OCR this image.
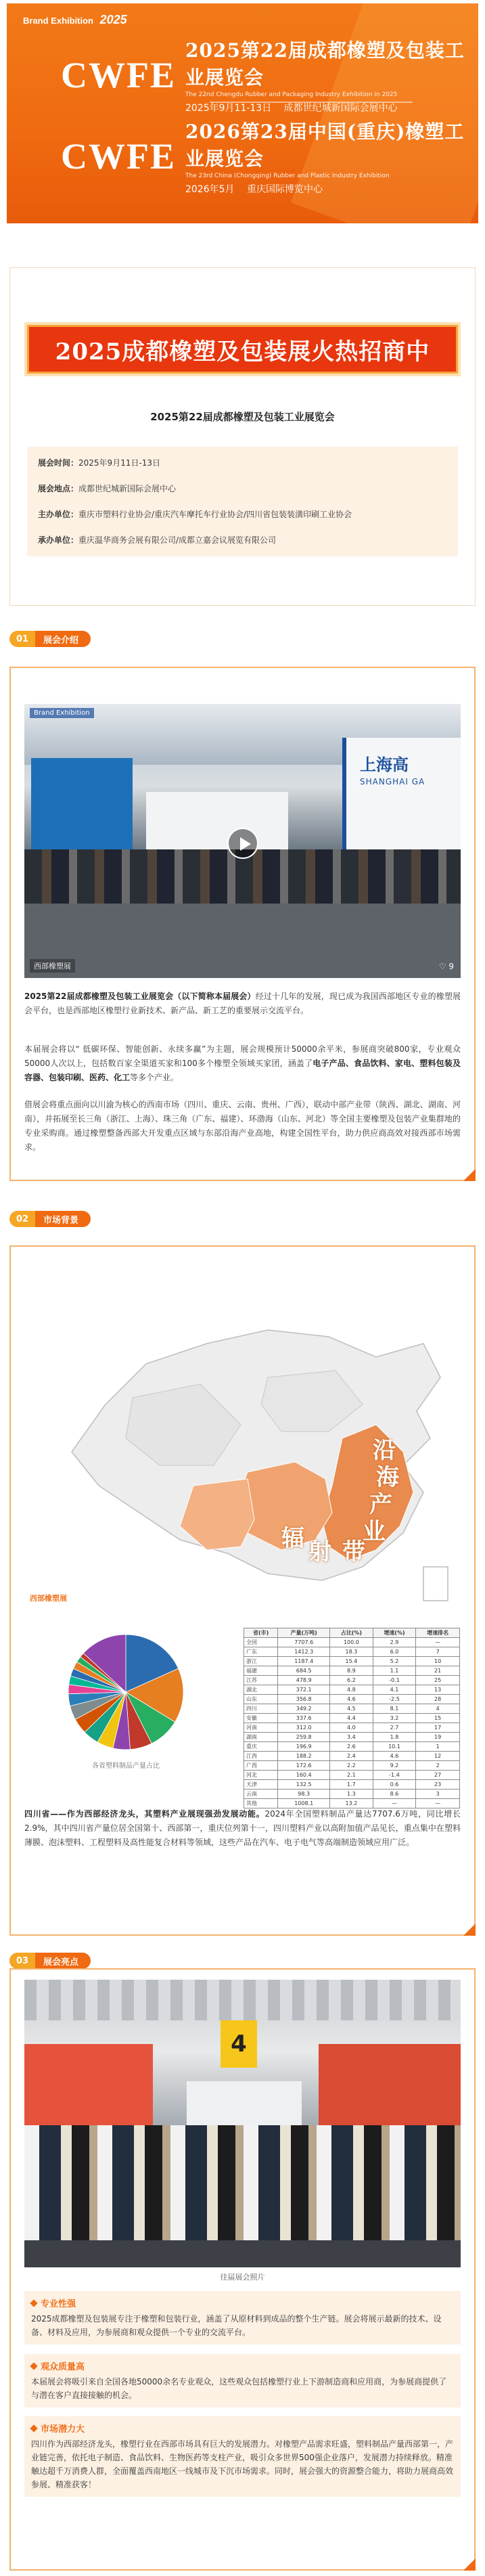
Brand Exhibition 2025
CWFE
2025第22届成都橡塑及包装工业展览会
The 22nd Chengdu Rubber and Packaging Industry Exhibition in 2025
2025年9月11-13日 成都世纪城新国际会展中心
CWFE
2026第23届中国(重庆)橡塑工业展览会
The 23rd China (Chongqing) Rubber and Plastic Industry Exhibition
2026年5月 重庆国际博览中心
2025成都橡塑及包装展火热招商中
2025第22届成都橡塑及包装工业展览会
展会时间：2025年9月11日-13日
展会地点：成都世纪城新国际会展中心
主办单位：重庆市塑料行业协会/重庆汽车摩托车行业协会/四川省包装装潢印刷工业协会
承办单位：重庆温华商务会展有限公司/成都立嘉会议展览有限公司
01	展会介绍
上海高
SHANGHAI GA
Brand Exhibition
西部橡塑展	♡ 9
2025第22届成都橡塑及包装工业展览会（以下简称本届展会）经过十几年的发展，现已成为我国西部地区专业的橡塑展会平台，也是西部地区橡塑行业新技术、新产品、新工艺的重要展示交流平台。
本届展会将以“ 低碳环保、智能创新、永续多赢”为主题，展会规模预计50000余平米，参展商突破800家，专业观众50000人次以上，包括数百家全渠道买家和100多个橡塑全领域买家团，涵盖了电子产品、食品饮料、家电、塑料包装及容器、包装印刷、医药、化工等多个产业。
借展会将重点面向以川渝为核心的西南市场（四川、重庆、云南、贵州、广西），联动中部产业带（陕西、湖北、湖南、河南），并拓展至长三角（浙江、上海）、珠三角（广东、福建）、环渤海（山东、河北）等全国主要橡塑及包装产业集群地的专业采购商。通过橡塑整备西部大开发重点区域与东部沿海产业高地，构建全国性平台，助力供应商高效对接西部市场需求。
02	市场背景
沿
海
产
业
带
辐 射
西部橡塑展
各省塑料制品产量占比
省(市)	产量(万吨)	占比(%)	增速(%)	增速排名
全国	7707.6	100.0	2.9	—
广东	1412.3	18.3	6.0	7
浙江	1187.4	15.4	5.2	10
福建	684.5	8.9	1.1	21
江苏	478.9	6.2	-0.1	25
湖北	372.1	4.8	4.1	13
山东	356.8	4.6	-2.5	28
四川	349.2	4.5	8.1	4
安徽	337.6	4.4	3.2	15
河南	312.0	4.0	2.7	17
湖南	259.8	3.4	1.8	19
重庆	196.9	2.6	10.1	1
江西	188.2	2.4	4.6	12
广西	172.6	2.2	9.2	2
河北	160.4	2.1	-1.4	27
天津	132.5	1.7	0.6	23
云南	98.3	1.3	8.6	3
其他	1008.1	13.2	—	—
四川省——作为西部经济龙头，其塑料产业展现强劲发展动能。2024年全国塑料制品产量达7707.6万吨，同比增长2.9%，其中四川省产量位居全国第十、西部第一，重庆位列第十一，四川塑料产业以高附加值产品见长，重点集中在塑料薄膜、泡沫塑料、工程塑料及高性能复合材料等领域，这些产品在汽车、电子电气等高端制造领域应用广泛。
03	展会亮点
4
往届展会照片
专业性强
2025成都橡塑及包装展专注于橡塑和包装行业，涵盖了从原材料到成品的整个生产链。展会将展示最新的技术、设备、材料及应用，为参展商和观众提供一个专业的交流平台。
观众质量高
本届展会将吸引来自全国各地50000余名专业观众，这些观众包括橡塑行业上下游制造商和应用商，为参展商提供了与潜在客户直接接触的机会。
市场潜力大
四川作为西部经济龙头，橡塑行业在西部市场具有巨大的发展潜力。对橡塑产品需求旺盛，塑料制品产量西部第一，产业链完善，依托电子制造、食品饮料、生物医药等支柱产业，吸引众多世界500强企业落户，发展潜力持续释放。精准触达超千万消费人群，全面覆盖西南地区一线城市及下沉市场需求。同时，展会强大的资源整合能力，将助力展商高效参展、精准获客！
